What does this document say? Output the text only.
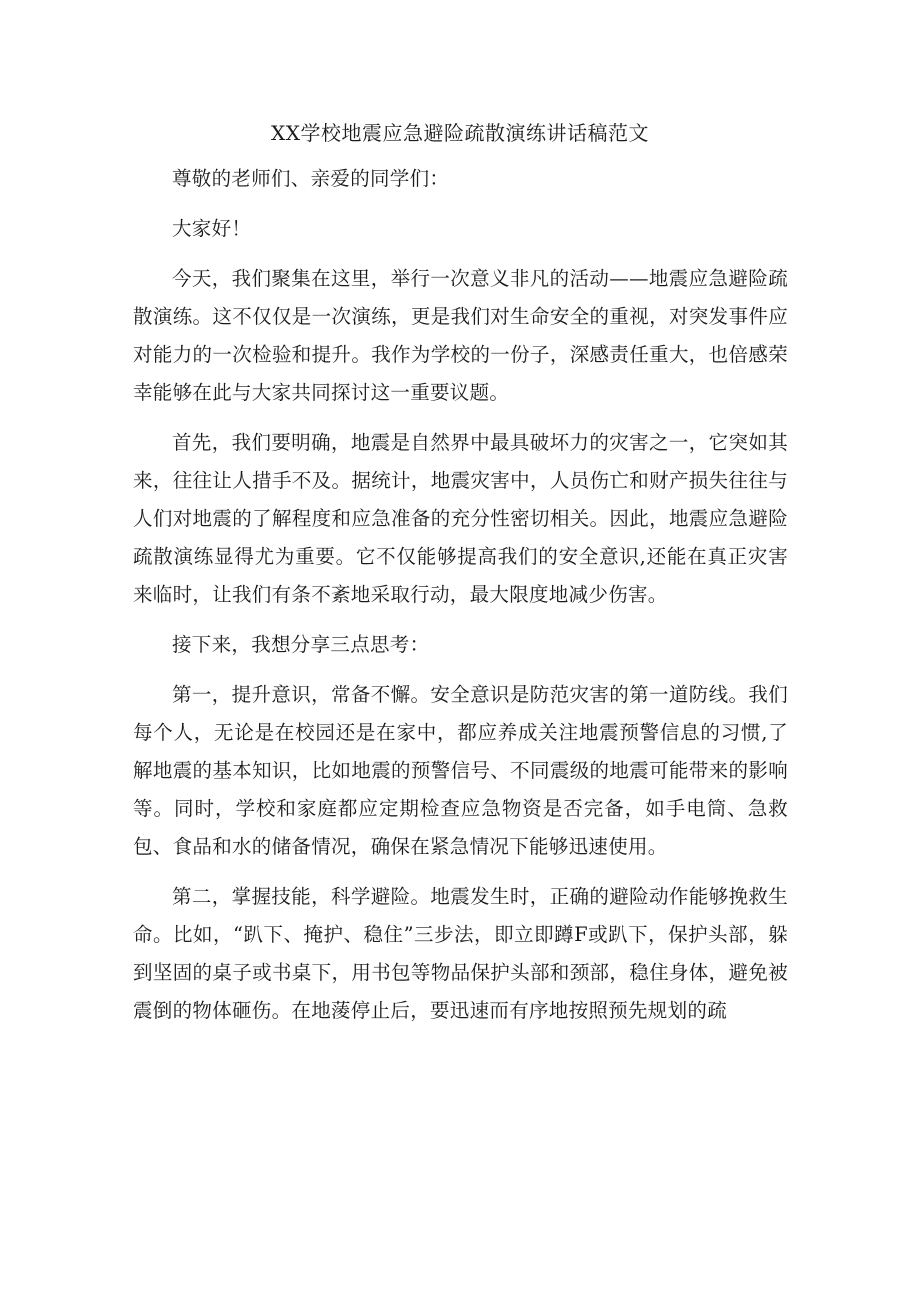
XX学校地震应急避险疏散演练讲话稿范文

尊敬的老师们、亲爱的同学们：

大家好！

今天，我们聚集在这里，举行一次意义非凡的活动——地震应急避险疏散演练。这不仅仅是一次演练，更是我们对生命安全的重视，对突发事件应对能力的一次检验和提升。我作为学校的一份子，深感责任重大，也倍感荣幸能够在此与大家共同探讨这一重要议题。

首先，我们要明确，地震是自然界中最具破坏力的灾害之一，它突如其来，往往让人措手不及。据统计，地震灾害中，人员伤亡和财产损失往往与人们对地震的了解程度和应急准备的充分性密切相关。因此，地震应急避险疏散演练显得尤为重要。它不仅能够提高我们的安全意识,还能在真正灾害来临时，让我们有条不紊地采取行动，最大限度地减少伤害。

接下来，我想分享三点思考：

第一，提升意识，常备不懈。安全意识是防范灾害的第一道防线。我们每个人，无论是在校园还是在家中，都应养成关注地震预警信息的习惯,了解地震的基本知识，比如地震的预警信号、不同震级的地震可能带来的影响等。同时，学校和家庭都应定期检查应急物资是否完备，如手电筒、急救包、食品和水的储备情况，确保在紧急情况下能够迅速使用。

第二，掌握技能，科学避险。地震发生时，正确的避险动作能够挽救生命。比如，“趴下、掩护、稳住”三步法，即立即蹲F或趴下，保护头部，躲到坚固的桌子或书桌下，用书包等物品保护头部和颈部，稳住身体，避免被震倒的物体砸伤。在地蔆停止后，要迅速而有序地按照预先规划的疏
